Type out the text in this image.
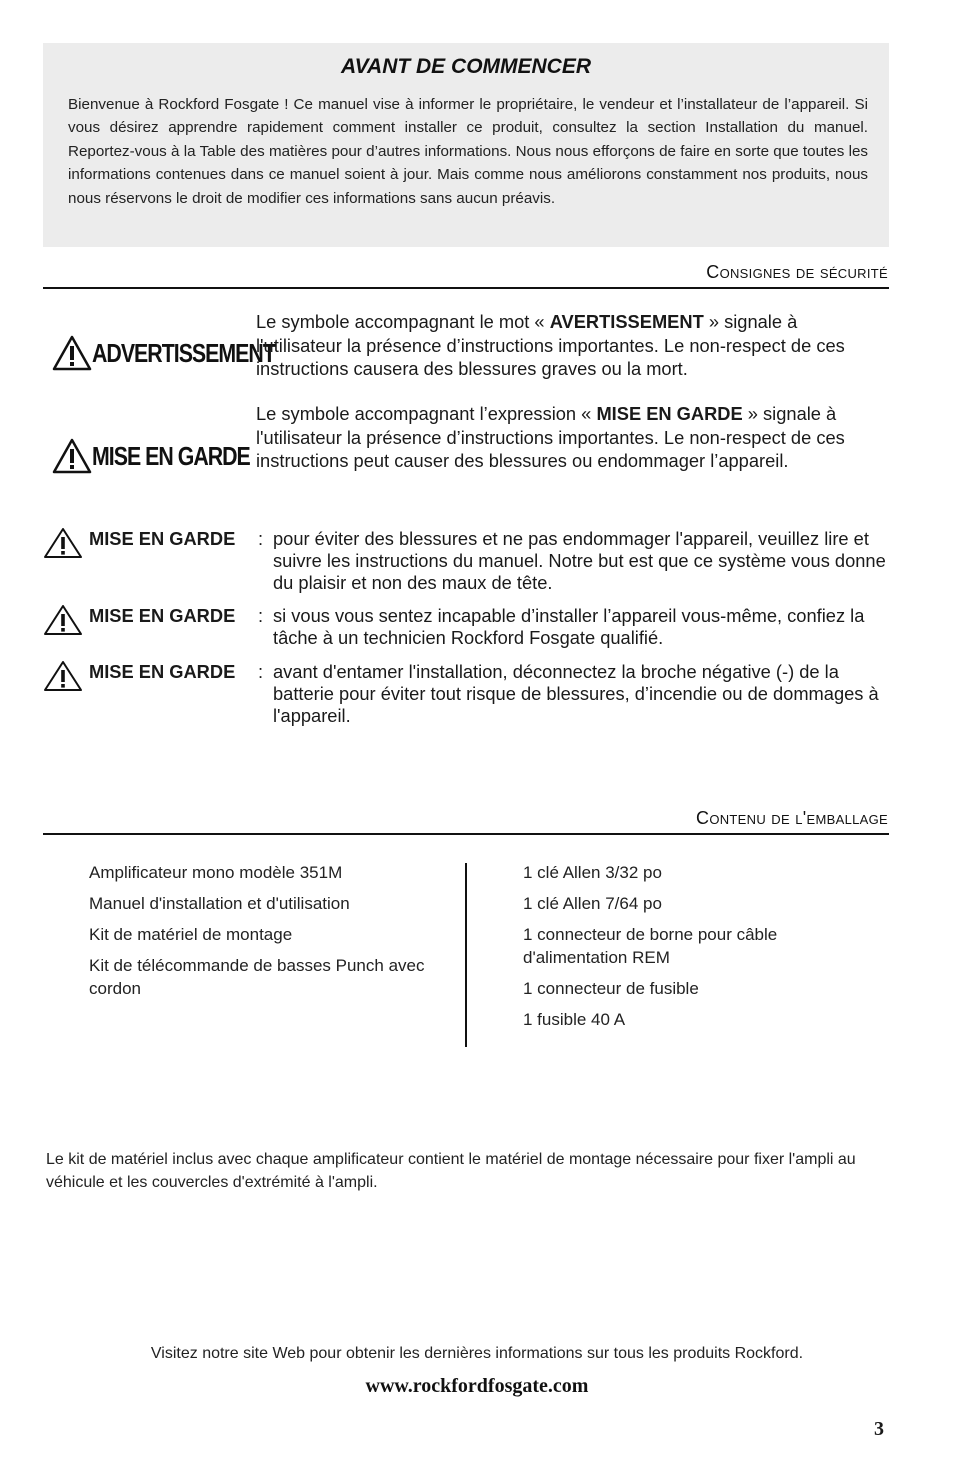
AVANT DE COMMENCER
Bienvenue à Rockford Fosgate ! Ce manuel vise à informer le propriétaire, le vendeur et l’installateur de l’appareil. Si vous désirez apprendre rapidement comment installer ce produit, consultez la section Installation du manuel. Reportez-vous à la Table des matières pour d’autres informations. Nous nous efforçons de faire en sorte que toutes les informations contenues dans ce manuel soient à jour. Mais comme nous améliorons constamment nos produits, nous nous réservons le droit de modifier ces informations sans aucun préavis.
Consignes de sécurité
ADVERTISSEMENT
Le symbole accompagnant le mot « AVERTISSEMENT » signale à l'utilisateur la présence d’instructions importantes. Le non-respect de ces instructions causera des blessures graves ou la mort.
MISE EN GARDE
Le symbole accompagnant l’expression « MISE EN GARDE » signale à l'utilisateur la présence d’instructions importantes. Le non-respect de ces instructions peut causer des blessures ou endommager l’appareil.
MISE EN GARDE : pour éviter des blessures et ne pas endommager l'appareil, veuillez lire et suivre les instructions du manuel. Notre but est que ce système vous donne du plaisir et non des maux de tête.
MISE EN GARDE : si vous vous sentez incapable d’installer l’appareil vous-même, confiez la tâche à un technicien Rockford Fosgate qualifié.
MISE EN GARDE : avant d'entamer l'installation, déconnectez la broche négative (-) de la batterie pour éviter tout risque de blessures, d’incendie ou de dommages à l'appareil.
Contenu de l'emballage
Amplificateur mono modèle 351M
Manuel d'installation et d'utilisation
Kit de matériel de montage
Kit de télécommande de basses Punch avec cordon
1 clé Allen 3/32 po
1 clé Allen 7/64 po
1 connecteur de borne pour câble d'alimentation REM
1 connecteur de fusible
1 fusible 40 A
Le kit de matériel inclus avec chaque amplificateur contient le matériel de montage nécessaire pour fixer l'ampli au véhicule et les couvercles d'extrémité à l'ampli.
Visitez notre site Web pour obtenir les dernières informations sur tous les produits Rockford.
www.rockfordfosgate.com
3
